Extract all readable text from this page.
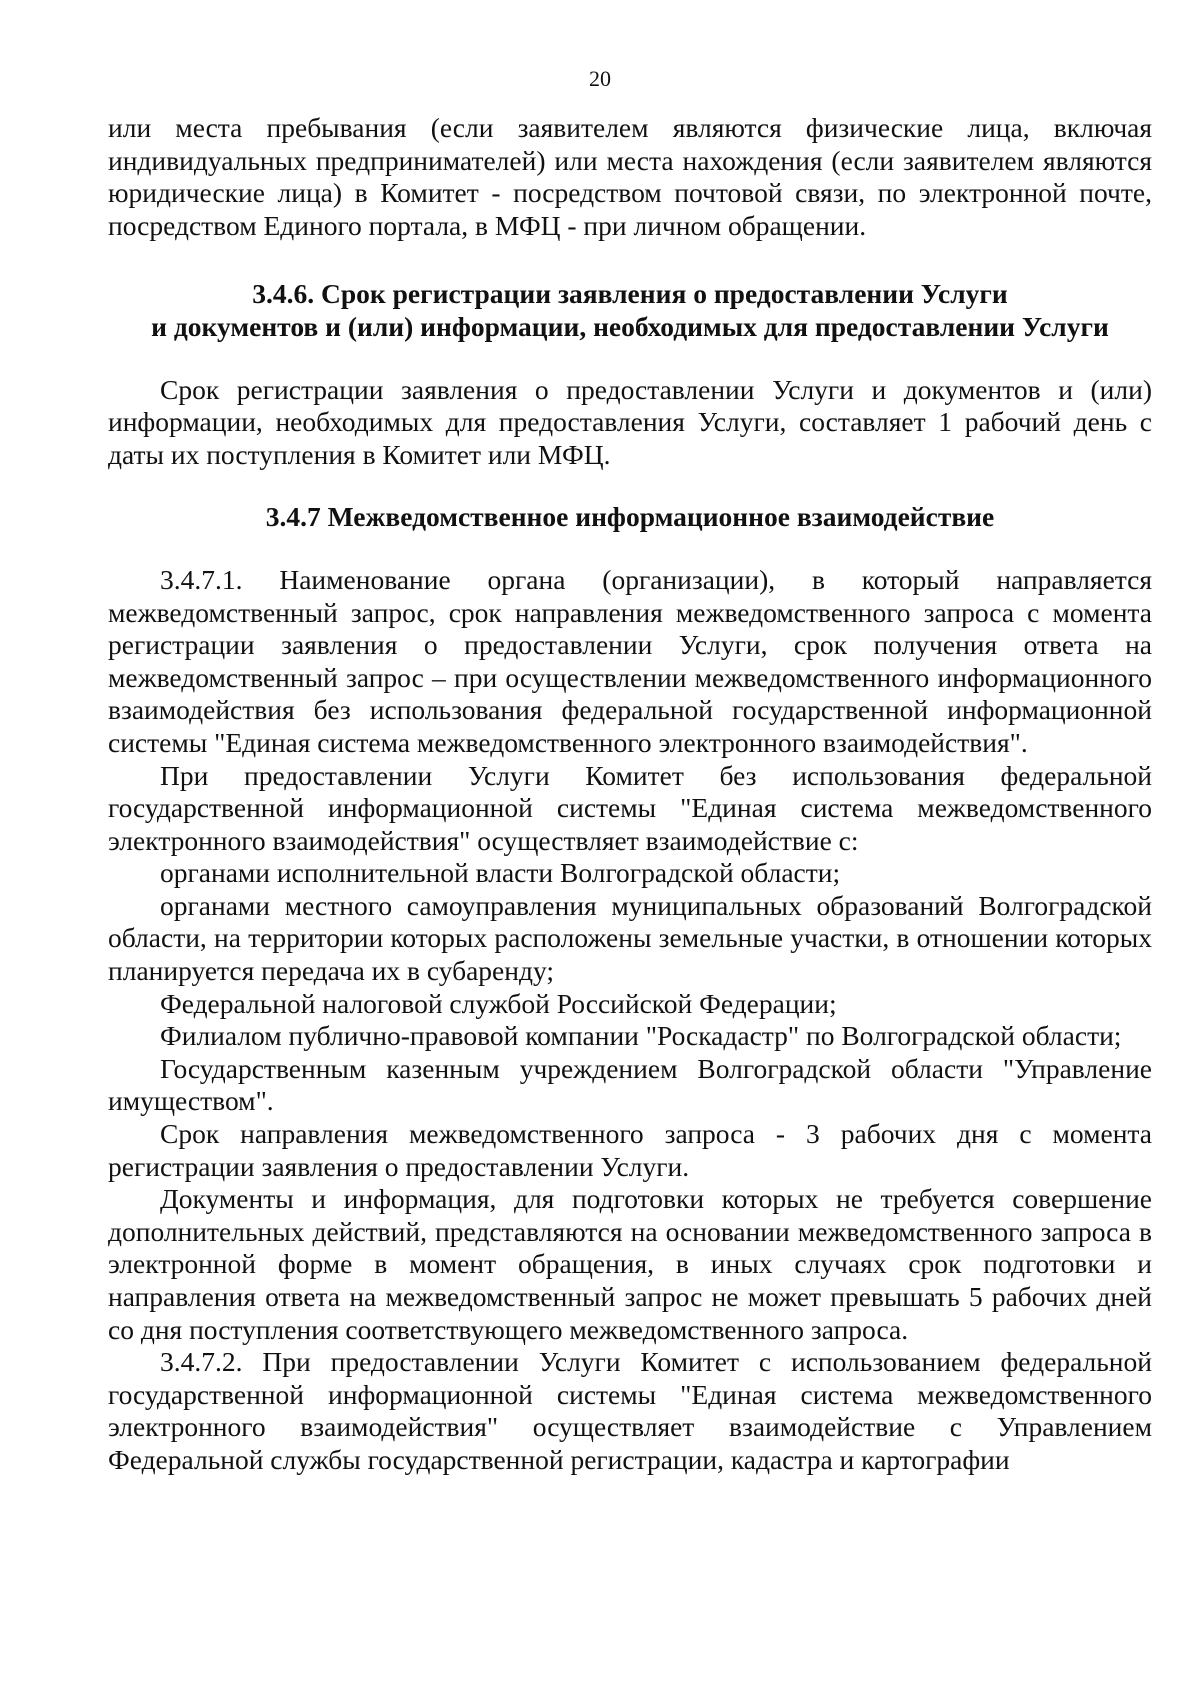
20

или места пребывания (если заявителем являются физические лица, включая индивидуальных предпринимателей) или места нахождения (если заявителем являются юридические лица) в Комитет - посредством почтовой связи, по электронной почте, посредством Единого портала, в МФЦ - при личном обращении.

3.4.6. Срок регистрации заявления о предоставлении Услуги

и документов и (или) информации, необходимых для предоставлении Услуги

Срок регистрации заявления о предоставлении Услуги и документов и (или) информации, необходимых для предоставления Услуги, составляет 1 рабочий день с даты их поступления в Комитет или МФЦ.

3.4.7 Межведомственное информационное взаимодействие

3.4.7.1. Наименование органа (организации), в который направляется межведомственный запрос, срок направления межведомственного запроса с момента регистрации заявления о предоставлении Услуги, срок получения ответа на межведомственный запрос – при осуществлении межведомственного информационного взаимодействия без использования федеральной государственной информационной системы "Единая система межведомственного электронного взаимодействия".

При предоставлении Услуги Комитет без использования федеральной государственной информационной системы "Единая система межведомственного электронного взаимодействия" осуществляет взаимодействие с:

органами исполнительной власти Волгоградской области;

органами местного самоуправления муниципальных образований Волгоградской области, на территории которых расположены земельные участки, в отношении которых планируется передача их в субаренду;

Федеральной налоговой службой Российской Федерации;

Филиалом публично-правовой компании "Роскадастр" по Волгоградской области;

Государственным казенным учреждением Волгоградской области "Управление имуществом".

Срок направления межведомственного запроса - 3 рабочих дня с момента регистрации заявления о предоставлении Услуги.

Документы и информация, для подготовки которых не требуется совершение дополнительных действий, представляются на основании межведомственного запроса в электронной форме в момент обращения, в иных случаях срок подготовки и направления ответа на межведомственный запрос не может превышать 5 рабочих дней со дня поступления соответствующего межведомственного запроса.

3.4.7.2. При предоставлении Услуги Комитет с использованием федеральной государственной информационной системы "Единая система межведомственного электронного взаимодействия" осуществляет взаимодействие с Управлением Федеральной службы государственной регистрации, кадастра и картографии
